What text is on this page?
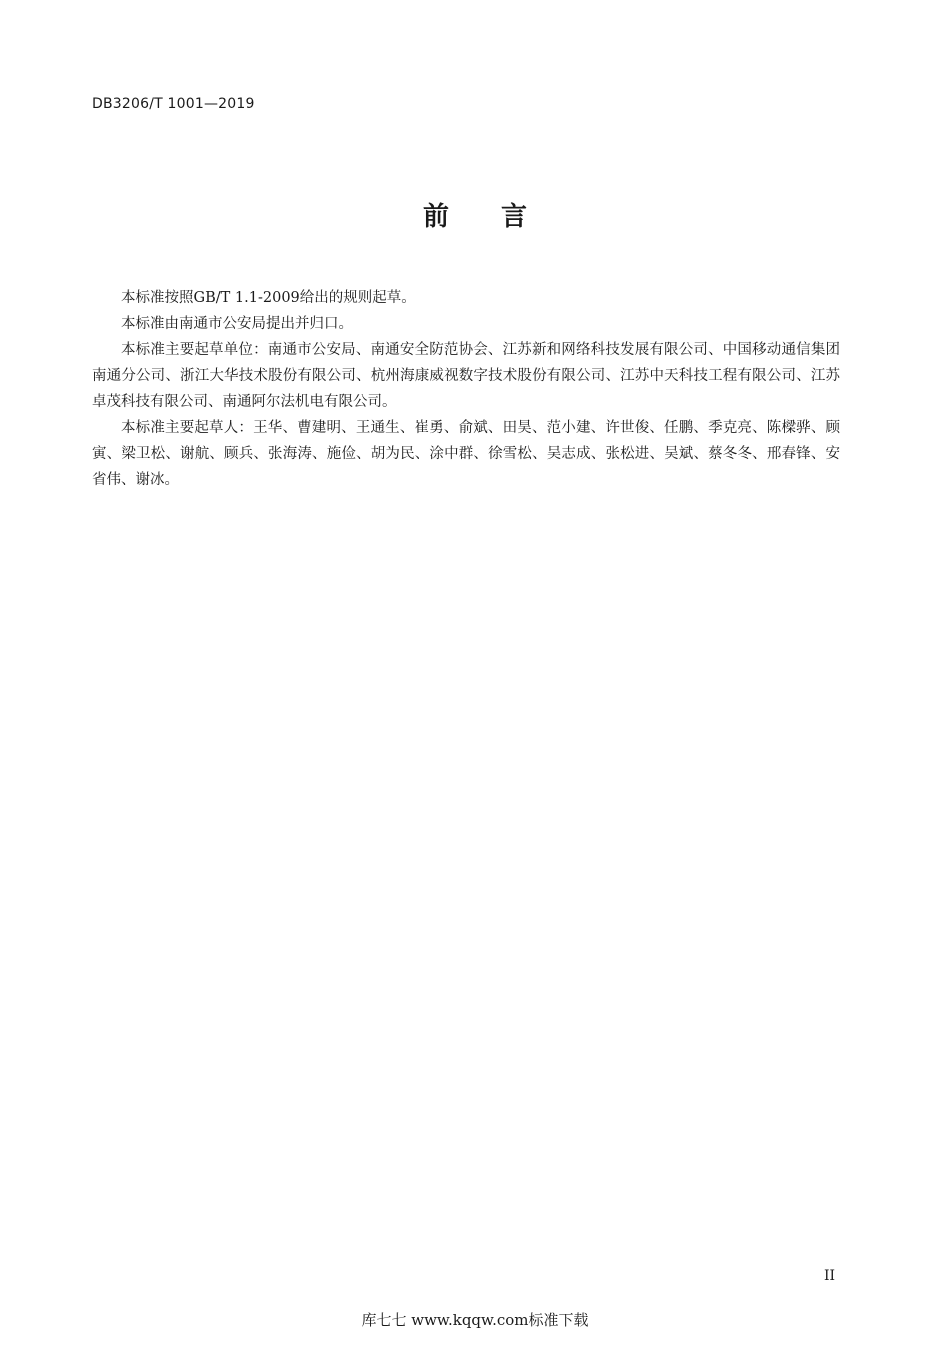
DB3206/T 1001—2019
前言

本标准按照GB/T 1.1-2009给出的规则起草。

本标准由南通市公安局提出并归口。

本标准主要起草单位：南通市公安局、南通安全防范协会、江苏新和网络科技发展有限公司、中国移动通信集团南通分公司、浙江大华技术股份有限公司、杭州海康威视数字技术股份有限公司、江苏中天科技工程有限公司、江苏卓茂科技有限公司、南通阿尔法机电有限公司。

本标准主要起草人：王华、曹建明、王通生、崔勇、俞斌、田昊、范小建、许世俊、任鹏、季克亮、陈樑骅、顾寅、梁卫松、谢航、顾兵、张海涛、施俭、胡为民、涂中群、徐雪松、吴志成、张松进、吴斌、蔡冬冬、邢春锋、安省伟、谢冰。

II
库七七 www.kqqw.com标准下载
